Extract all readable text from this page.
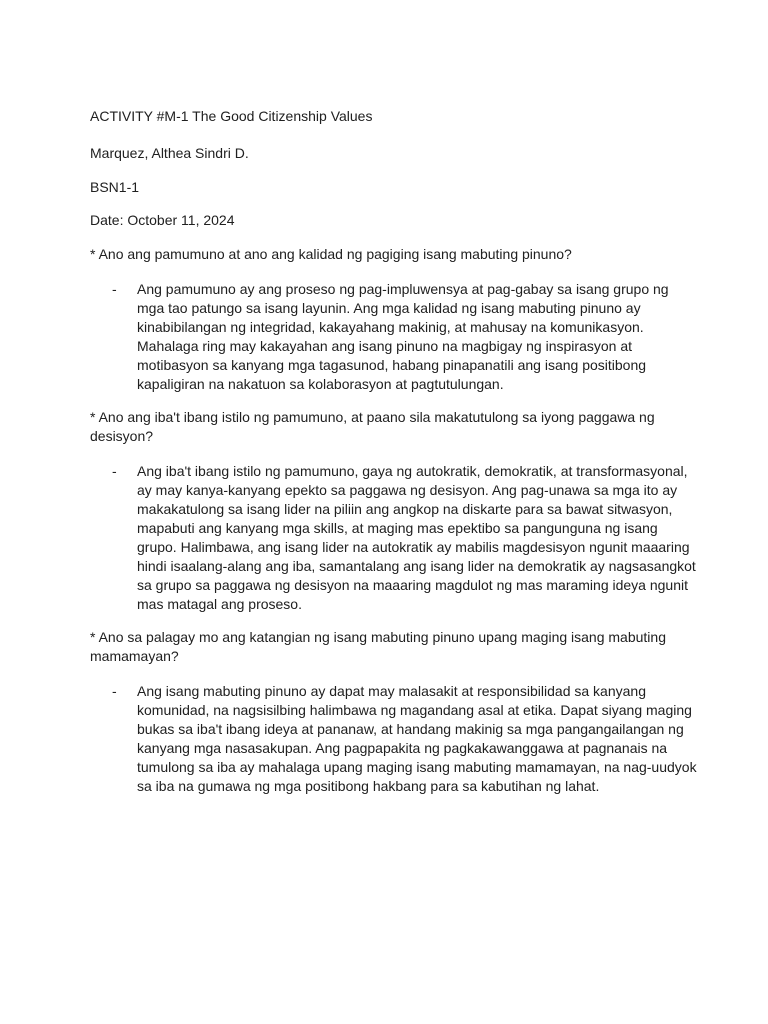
ACTIVITY #M-1 The Good Citizenship Values
Marquez, Althea Sindri D.
BSN1-1
Date: October 11, 2024
* Ano ang pamumuno at ano ang kalidad ng pagiging isang mabuting pinuno?
- Ang pamumuno ay ang proseso ng pag-impluwensya at pag-gabay sa isang grupo ng mga tao patungo sa isang layunin. Ang mga kalidad ng isang mabuting pinuno ay kinabibilangan ng integridad, kakayahang makinig, at mahusay na komunikasyon. Mahalaga ring may kakayahan ang isang pinuno na magbigay ng inspirasyon at motibasyon sa kanyang mga tagasunod, habang pinapanatili ang isang positibong kapaligiran na nakatuon sa kolaborasyon at pagtutulungan.
* Ano ang iba't ibang istilo ng pamumuno, at paano sila makatutulong sa iyong paggawa ng desisyon?
- Ang iba't ibang istilo ng pamumuno, gaya ng autokratik, demokratik, at transformasyonal, ay may kanya-kanyang epekto sa paggawa ng desisyon. Ang pag-unawa sa mga ito ay makakatulong sa isang lider na piliin ang angkop na diskarte para sa bawat sitwasyon, mapabuti ang kanyang mga skills, at maging mas epektibo sa pangunguna ng isang grupo. Halimbawa, ang isang lider na autokratik ay mabilis magdesisyon ngunit maaaring hindi isaalang-alang ang iba, samantalang ang isang lider na demokratik ay nagsasangkot sa grupo sa paggawa ng desisyon na maaaring magdulot ng mas maraming ideya ngunit mas matagal ang proseso.
* Ano sa palagay mo ang katangian ng isang mabuting pinuno upang maging isang mabuting mamamayan?
- Ang isang mabuting pinuno ay dapat may malasakit at responsibilidad sa kanyang komunidad, na nagsisilbing halimbawa ng magandang asal at etika. Dapat siyang maging bukas sa iba't ibang ideya at pananaw, at handang makinig sa mga pangangailangan ng kanyang mga nasasakupan. Ang pagpapakita ng pagkakawanggawa at pagnanais na tumulong sa iba ay mahalaga upang maging isang mabuting mamamayan, na nag-uudyok sa iba na gumawa ng mga positibong hakbang para sa kabutihan ng lahat.
